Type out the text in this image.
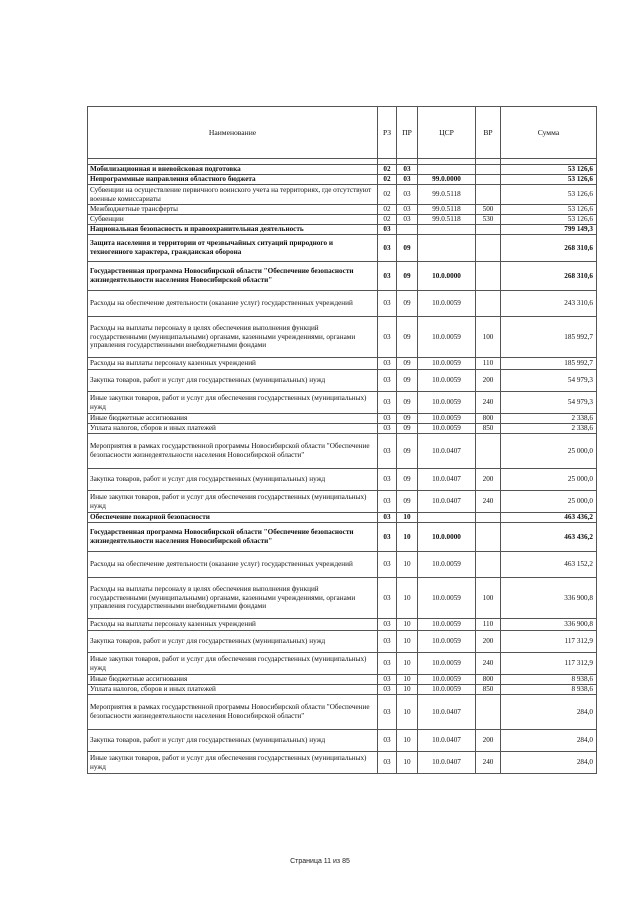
Наименование	РЗ	ПР	ЦСР	ВР	Сумма

Мобилизационная и вневойсковая подготовка	02	03			53 126,6
Непрограммные направления областного бюджета	02	03	99.0.0000		53 126,6
Субвенции на осуществление первичного воинского учета на территориях, где отсутствуют военные комиссариаты	02	03	99.0.5118		53 126,6
Межбюджетные трансферты	02	03	99.0.5118	500	53 126,6
Субвенции	02	03	99.0.5118	530	53 126,6
Национальная безопасность и правоохранительная деятельность	03				799 149,3
Защита населения и территории от чрезвычайных ситуаций природного и техногенного характера, гражданская оборона	03	09			268 310,6
Государственная программа Новосибирской области "Обеспечение безопасности жизнедеятельности населения Новосибирской области"	03	09	10.0.0000		268 310,6
Расходы на обеспечение деятельности (оказание услуг) государственных учреждений	03	09	10.0.0059		243 310,6
Расходы на выплаты персоналу в целях обеспечения выполнения функций государственными (муниципальными) органами, казенными учреждениями, органами управления государственными внебюджетными фондами	03	09	10.0.0059	100	185 992,7
Расходы на выплаты персоналу казенных учреждений	03	09	10.0.0059	110	185 992,7
Закупка товаров, работ и услуг для государственных (муниципальных) нужд	03	09	10.0.0059	200	54 979,3
Иные закупки товаров, работ и услуг для обеспечения государственных (муниципальных) нужд	03	09	10.0.0059	240	54 979,3
Иные бюджетные ассигнования	03	09	10.0.0059	800	2 338,6
Уплата налогов, сборов и иных платежей	03	09	10.0.0059	850	2 338,6
Мероприятия в рамках государственной программы Новосибирской области "Обеспечение безопасности жизнедеятельности населения Новосибирской области"	03	09	10.0.0407		25 000,0
Закупка товаров, работ и услуг для государственных (муниципальных) нужд	03	09	10.0.0407	200	25 000,0
Иные закупки товаров, работ и услуг для обеспечения государственных (муниципальных) нужд	03	09	10.0.0407	240	25 000,0
Обеспечение пожарной безопасности	03	10			463 436,2
Государственная программа Новосибирской области "Обеспечение безопасности жизнедеятельности населения Новосибирской области"	03	10	10.0.0000		463 436,2
Расходы на обеспечение деятельности (оказание услуг) государственных учреждений	03	10	10.0.0059		463 152,2
Расходы на выплаты персоналу в целях обеспечения выполнения функций государственными (муниципальными) органами, казенными учреждениями, органами управления государственными внебюджетными фондами	03	10	10.0.0059	100	336 900,8
Расходы на выплаты персоналу казенных учреждений	03	10	10.0.0059	110	336 900,8
Закупка товаров, работ и услуг для государственных (муниципальных) нужд	03	10	10.0.0059	200	117 312,9
Иные закупки товаров, работ и услуг для обеспечения государственных (муниципальных) нужд	03	10	10.0.0059	240	117 312,9
Иные бюджетные ассигнования	03	10	10.0.0059	800	8 938,6
Уплата налогов, сборов и иных платежей	03	10	10.0.0059	850	8 938,6
Мероприятия в рамках государственной программы Новосибирской области "Обеспечение безопасности жизнедеятельности населения Новосибирской области"	03	10	10.0.0407		284,0
Закупка товаров, работ и услуг для государственных (муниципальных) нужд	03	10	10.0.0407	200	284,0
Иные закупки товаров, работ и услуг для обеспечения государственных (муниципальных) нужд	03	10	10.0.0407	240	284,0
Страница 11 из 85
